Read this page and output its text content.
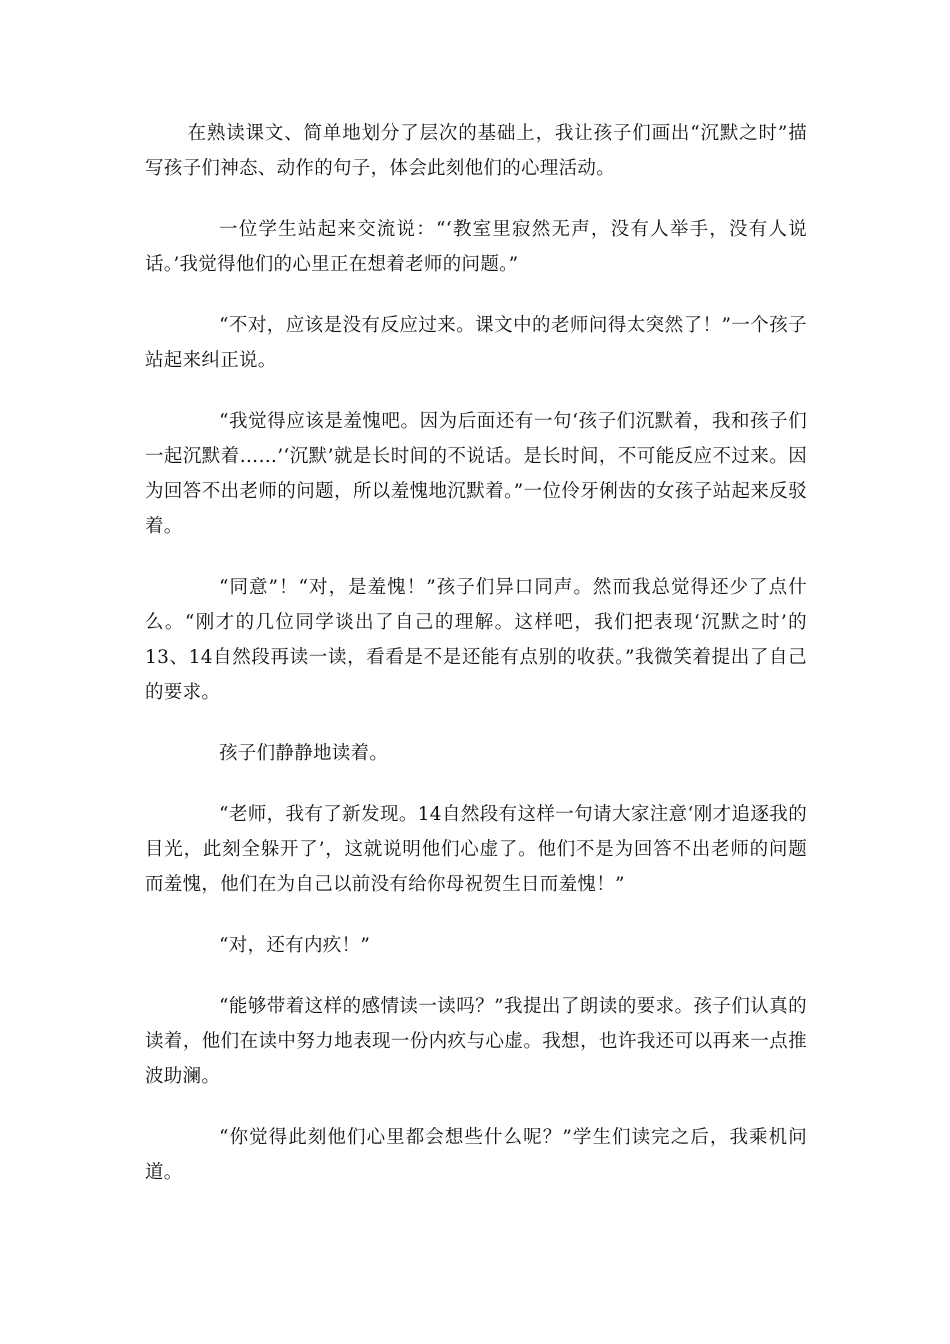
在熟读课文、简单地划分了层次的基础上，我让孩子们画出“沉默之时”描写孩子们神态、动作的句子，体会此刻他们的心理活动。

一位学生站起来交流说：“‘教室里寂然无声，没有人举手，没有人说话。’我觉得他们的心里正在想着老师的问题。”

“不对，应该是没有反应过来。课文中的老师问得太突然了！”一个孩子站起来纠正说。

“我觉得应该是羞愧吧。因为后面还有一句‘孩子们沉默着，我和孩子们一起沉默着……’‘沉默’就是长时间的不说话。是长时间，不可能反应不过来。因为回答不出老师的问题，所以羞愧地沉默着。”一位伶牙俐齿的女孩子站起来反驳着。

“同意”！“对，是羞愧！”孩子们异口同声。然而我总觉得还少了点什么。“刚才的几位同学谈出了自己的理解。这样吧，我们把表现‘沉默之时’的13、14自然段再读一读，看看是不是还能有点别的收获。”我微笑着提出了自己的要求。

孩子们静静地读着。

“老师，我有了新发现。14自然段有这样一句请大家注意‘刚才追逐我的目光，此刻全躲开了’，这就说明他们心虚了。他们不是为回答不出老师的问题而羞愧，他们在为自己以前没有给你母祝贺生日而羞愧！”

“对，还有内疚！”

“能够带着这样的感情读一读吗？”我提出了朗读的要求。孩子们认真的读着，他们在读中努力地表现一份内疚与心虚。我想，也许我还可以再来一点推波助澜。

“你觉得此刻他们心里都会想些什么呢？”学生们读完之后，我乘机问道。
